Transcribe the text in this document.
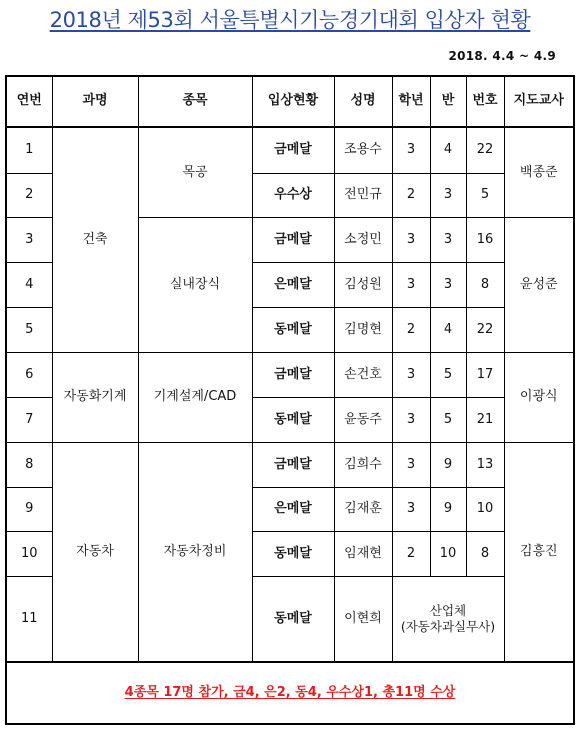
2018년 제53회 서울특별시기능경기대회 입상자 현황
2018. 4.4 ~ 4.9
연번	과명	종목	입상현황	성명	학년	반	번호	지도교사
1	건축	목공	금메달	조용수	3	4	22	백종준
2			우수상	전민규	2	3	5	
3		실내장식	금메달	소정민	3	3	16	윤성준
4			은메달	김성원	3	3	8	
5			동메달	김명현	2	4	22	
6	자동화기계	기계설계/CAD	금메달	손건호	3	5	17	이광식
7			동메달	윤동주	3	5	21	
8	자동차	자동차정비	금메달	김희수	3	9	13	김흥진
9			은메달	김재훈	3	9	10	
10			동메달	임재현	2	10	8	
11			동메달	이현희	산업체
(자동차과실무사)			

4종목 17명 참가, 금4, 은2, 동4, 우수상1, 총11명 수상								
